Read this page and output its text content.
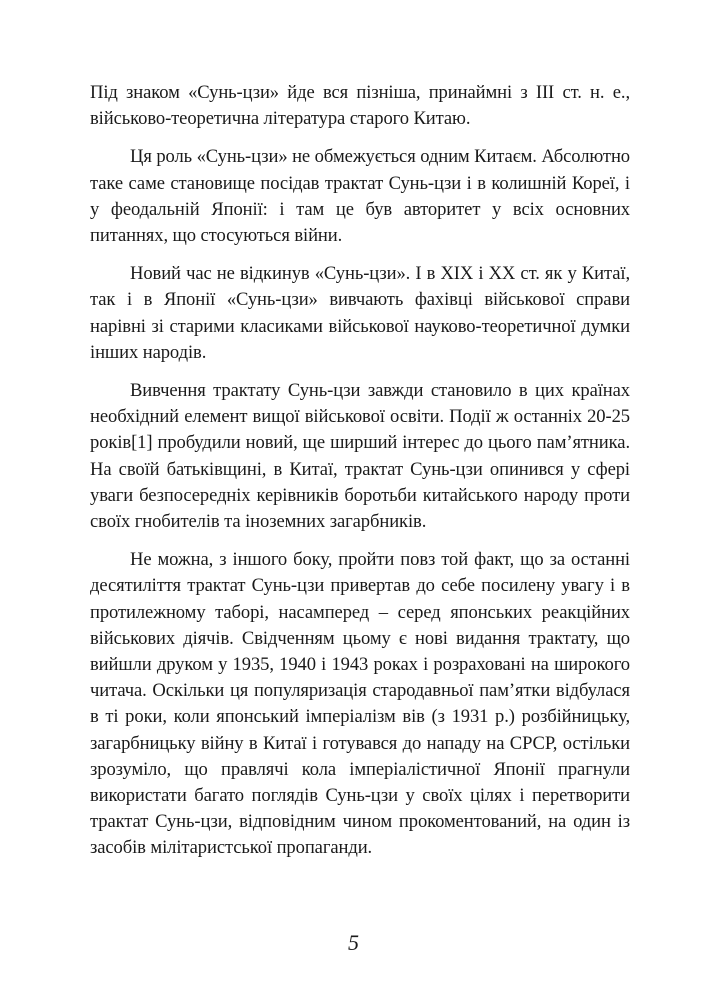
Під знаком «Сунь-цзи» йде вся пізніша, принаймні з III ст. н. е., військово-теоретична література старого Китаю.

Ця роль «Сунь-цзи» не обмежується одним Китаєм. Абсолютно таке саме становище посідав трактат Сунь-цзи і в колишній Кореї, і у феодальній Японії: і там це був авторитет у всіх основних питаннях, що стосуються війни.

Новий час не відкинув «Сунь-цзи». І в XIX і XX ст. як у Китаї, так і в Японії «Сунь-цзи» вивчають фахівці військової справи нарівні зі старими класиками військової науково-теоретичної думки інших народів.

Вивчення трактату Сунь-цзи завжди становило в цих країнах необхідний елемент вищої військової освіти. Події ж останніх 20-25 років[1] пробудили новий, ще ширший інтерес до цього пам’ятника. На своїй батьківщині, в Китаї, трактат Сунь-цзи опинився у сфері уваги безпосередніх керівників боротьби китайського народу проти своїх гнобителів та іноземних загарбників.

Не можна, з іншого боку, пройти повз той факт, що за останні десятиліття трактат Сунь-цзи привертав до себе посилену увагу і в протилежному таборі, насамперед – серед японських реакційних військових діячів. Свідченням цьому є нові видання трактату, що вийшли друком у 1935, 1940 і 1943 роках і розраховані на широкого читача. Оскільки ця популяризація стародавньої пам’ятки відбулася в ті роки, коли японський імперіалізм вів (з 1931 р.) розбійницьку, загарбницьку війну в Китаї і готувався до нападу на СРСР, остільки зрозуміло, що правлячі кола імперіалістичної Японії прагнули використати багато поглядів Сунь-цзи у своїх цілях і перетворити трактат Сунь-цзи, відповідним чином прокоментований, на один із засобів мілітаристської пропаганди.

5
